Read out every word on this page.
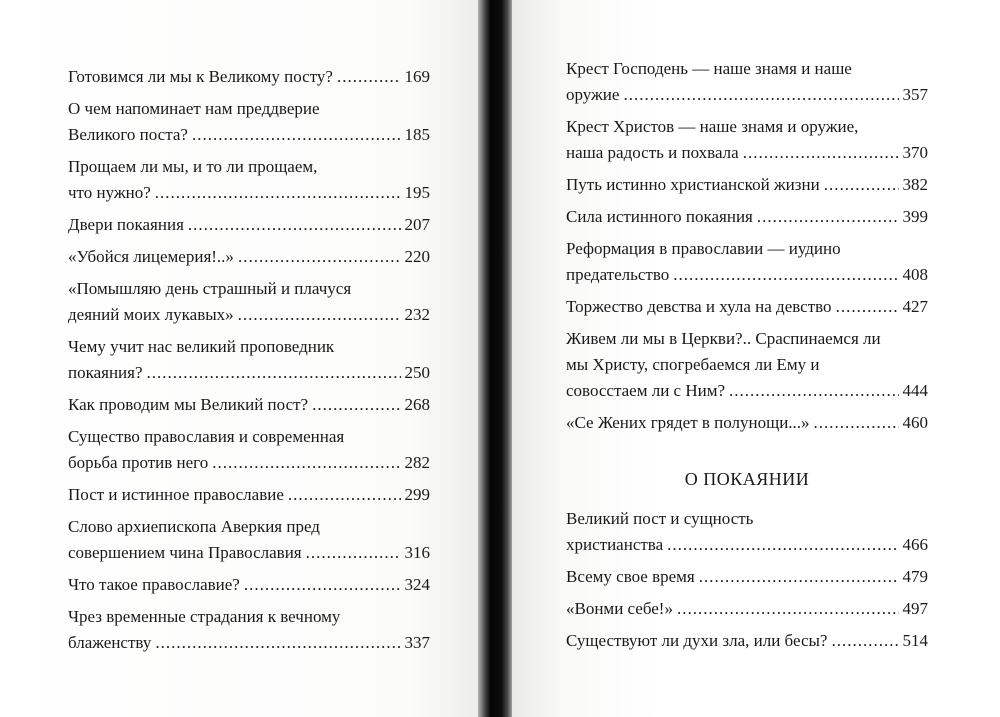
Готовимся ли мы к Великому посту? .....	169
О чем напоминает нам преддверие
Великого поста? .....	185
Прощаем ли мы, и то ли прощаем,
что нужно? .....	195
Двери покаяния .....	207
«Убойся лицемерия!..» .....	220
«Помышляю день страшный и плачуся
деяний моих лукавых» .....	232
Чему учит нас великий проповедник
покаяния? .....	250
Как проводим мы Великий пост? .....	268
Существо православия и современная
борьба против него .....	282
Пост и истинное православие .....	299
Слово архиепископа Аверкия пред
совершением чина Православия .....	316
Что такое православие? .....	324
Чрез временные страдания к вечному
блаженству .....	337
Крест Господень — наше знамя и наше
оружие .....	357
Крест Христов — наше знамя и оружие,
наша радость и похвала .....	370
Путь истинно христианской жизни .....	382
Сила истинного покаяния .....	399
Реформация в православии — иудино
предательство .....	408
Торжество девства и хула на девство .....	427
Живем ли мы в Церкви?.. Сраспинаемся ли
мы Христу, спогребаемся ли Ему и
совосстаем ли с Ним? .....	444
«Се Жених грядет в полунощи...» .....	460
О ПОКАЯНИИ
Великий пост и сущность
христианства .....	466
Всему свое время .....	479
«Вонми себе!» .....	497
Существуют ли духи зла, или бесы? .....	514
